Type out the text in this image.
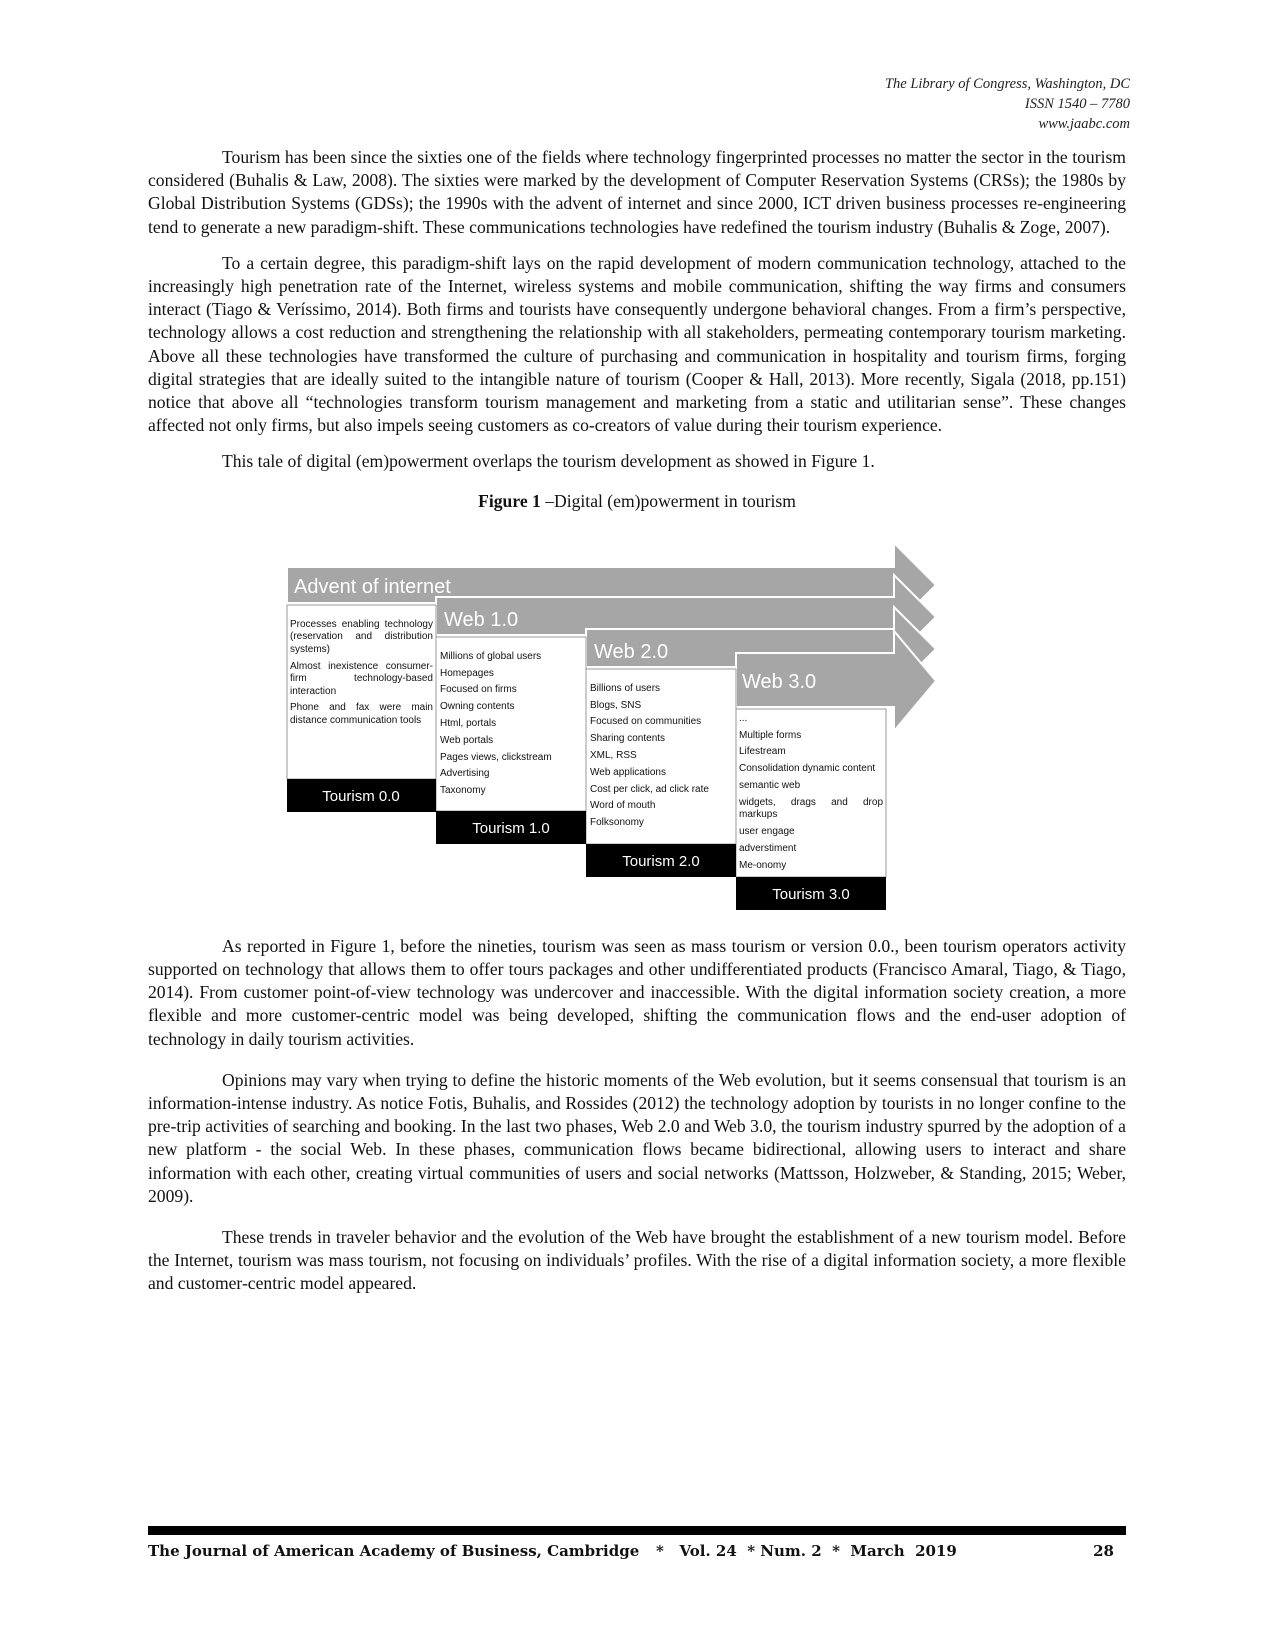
The Library of Congress, Washington, DC
ISSN 1540 – 7780
www.jaabc.com

Tourism has been since the sixties one of the fields where technology fingerprinted processes no matter the sector in the tourism considered (Buhalis & Law, 2008). The sixties were marked by the development of Computer Reservation Systems (CRSs); the 1980s by Global Distribution Systems (GDSs); the 1990s with the advent of internet and since 2000, ICT driven business processes re-engineering tend to generate a new paradigm-shift. These communications technologies have redefined the tourism industry (Buhalis & Zoge, 2007).

To a certain degree, this paradigm-shift lays on the rapid development of modern communication technology, attached to the increasingly high penetration rate of the Internet, wireless systems and mobile communication, shifting the way firms and consumers interact (Tiago & Veríssimo, 2014). Both firms and tourists have consequently undergone behavioral changes. From a firm’s perspective, technology allows a cost reduction and strengthening the relationship with all stakeholders, permeating contemporary tourism marketing. Above all these technologies have transformed the culture of purchasing and communication in hospitality and tourism firms, forging digital strategies that are ideally suited to the intangible nature of tourism (Cooper & Hall, 2013). More recently, Sigala (2018, pp.151) notice that above all “technologies transform tourism management and marketing from a static and utilitarian sense”. These changes affected not only firms, but also impels seeing customers as co-creators of value during their tourism experience.

This tale of digital (em)powerment overlaps the tourism development as showed in Figure 1.

Figure 1 –Digital (em)powerment in tourism

Advent of internet
Web 1.0
Web 2.0
Web 3.0
Tourism 0.0
Tourism 1.0
Tourism 2.0
Tourism 3.0
Processes enabling technology (reservation and distribution systems)
Almost inexistence consumer-firm technology-based interaction
Phone and fax were main distance communication tools
Millions of global users
Homepages
Focused on firms
Owning contents
Html, portals
Web portals
Pages views, clickstream
Advertising
Taxonomy
Billions of users
Blogs, SNS
Focused on communities
Sharing contents
XML, RSS
Web applications
Cost per click, ad click rate
Word of mouth
Folksonomy
...
Multiple forms
Lifestream
Consolidation dynamic content
semantic web
widgets, drags and drop markups
user engage
adverstiment
Me-onomy

As reported in Figure 1, before the nineties, tourism was seen as mass tourism or version 0.0., been tourism operators activity supported on technology that allows them to offer tours packages and other undifferentiated products (Francisco Amaral, Tiago, & Tiago, 2014). From customer point-of-view technology was undercover and inaccessible. With the digital information society creation, a more flexible and more customer-centric model was being developed, shifting the communication flows and the end-user adoption of technology in daily tourism activities.

Opinions may vary when trying to define the historic moments of the Web evolution, but it seems consensual that tourism is an information-intense industry. As notice Fotis, Buhalis, and Rossides (2012) the technology adoption by tourists in no longer confine to the pre-trip activities of searching and booking. In the last two phases, Web 2.0 and Web 3.0, the tourism industry spurred by the adoption of a new platform - the social Web. In these phases, communication flows became bidirectional, allowing users to interact and share information with each other, creating virtual communities of users and social networks (Mattsson, Holzweber, & Standing, 2015; Weber, 2009).

These trends in traveler behavior and the evolution of the Web have brought the establishment of a new tourism model. Before the Internet, tourism was mass tourism, not focusing on individuals’ profiles. With the rise of a digital information society, a more flexible and customer-centric model appeared.

The Journal of American Academy of Business, Cambridge *   Vol. 24  * Num. 2  *  March  2019	28
